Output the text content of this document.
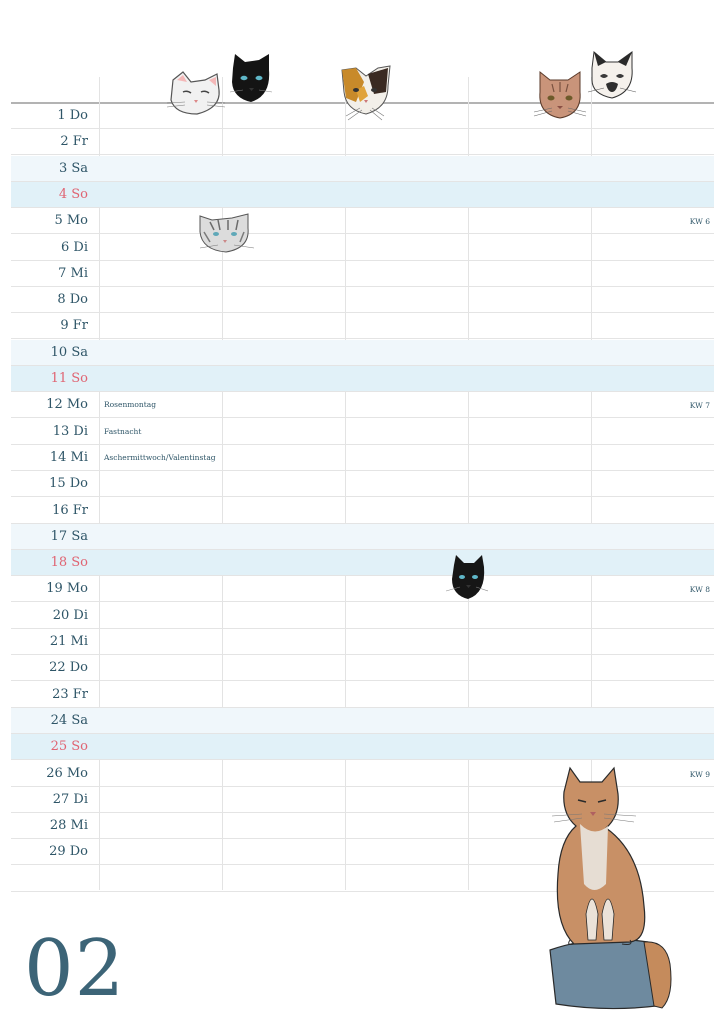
1 Do
2 Fr
3 Sa
4 So
5 Mo	KW 6
6 Di
7 Mi
8 Do
9 Fr
10 Sa
11 So
12 Mo Rosenmontag	KW 7
13 Di Fastnacht
14 Mi Aschermittwoch/Valentinstag
15 Do
16 Fr
17 Sa
18 So
19 Mo	KW 8
20 Di
21 Mi
22 Do
23 Fr
24 Sa
25 So
26 Mo	KW 9
27 Di
28 Mi
29 Do
02
